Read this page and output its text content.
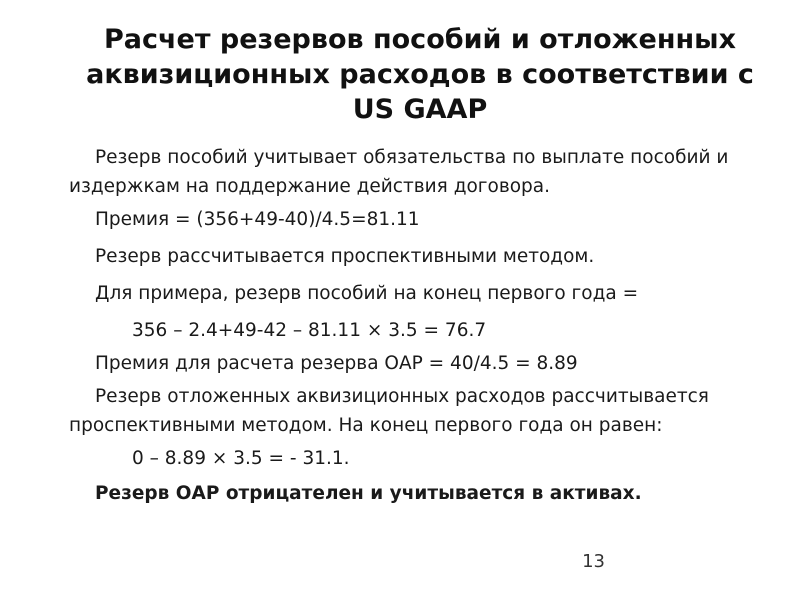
Расчет резервов пособий и отложенных
аквизиционных расходов в соответствии с
US GAAP

Резерв пособий учитывает обязательства по выплате пособий и
издержкам на поддержание действия договора.

Премия = (356+49-40)/4.5=81.11

Резерв рассчитывается проспективными методом.

Для примера, резерв пособий на конец первого года =

356 – 2.4+49-42 – 81.11 × 3.5 = 76.7

Премия для расчета резерва ОАР = 40/4.5 = 8.89

Резерв отложенных аквизиционных расходов рассчитывается
проспективными методом. На конец первого года он равен:

0 – 8.89 × 3.5 = - 31.1.

Резерв ОАР отрицателен и учитывается в активах.

13
